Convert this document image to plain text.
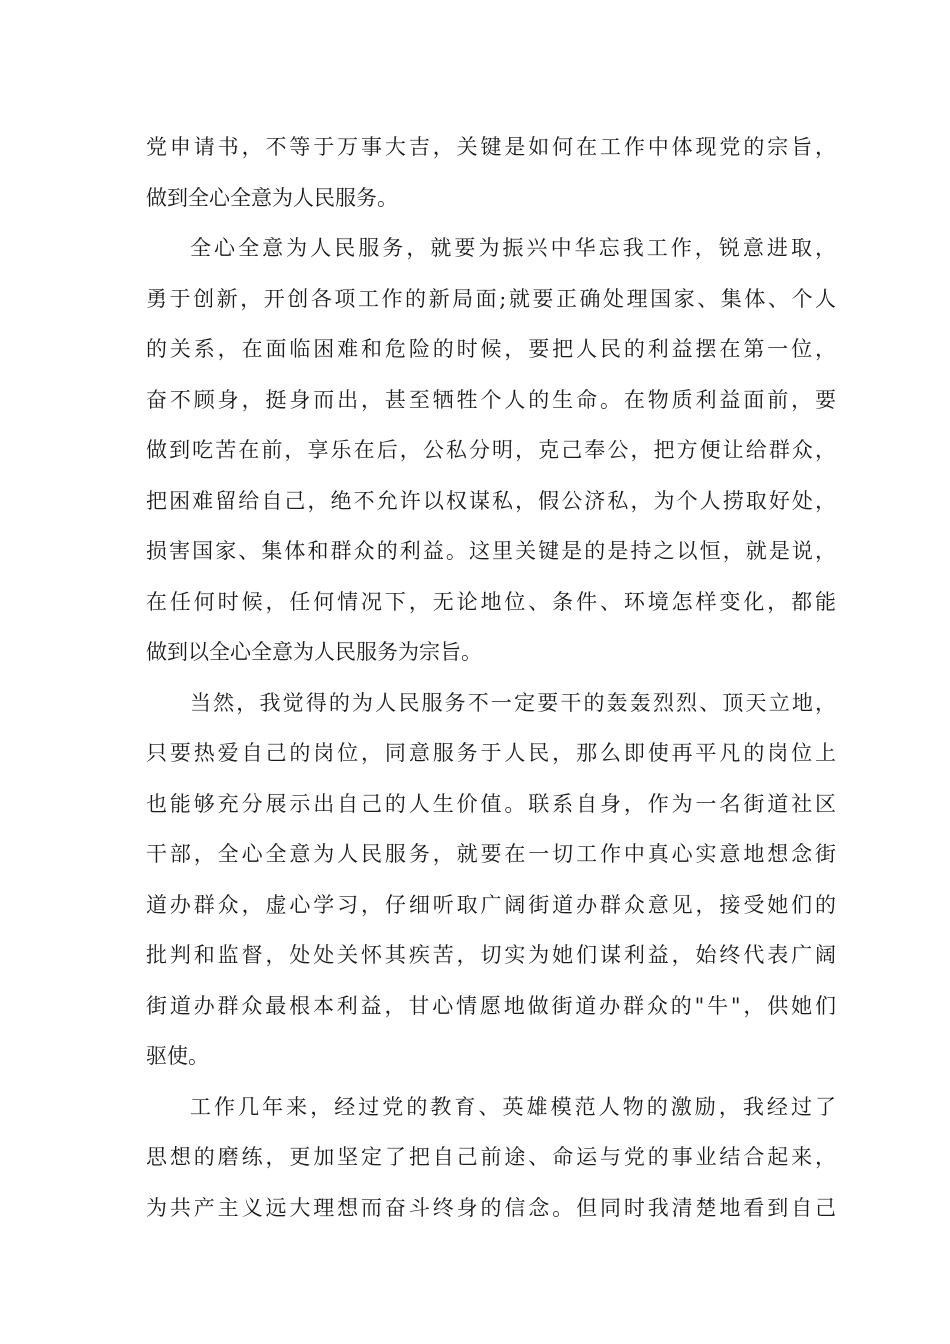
党申请书，不等于万事大吉，关键是如何在工作中体现党的宗旨，
做到全心全意为人民服务。
全心全意为人民服务，就要为振兴中华忘我工作，锐意进取，
勇于创新，开创各项工作的新局面;就要正确处理国家、集体、个人
的关系，在面临困难和危险的时候，要把人民的利益摆在第一位，
奋不顾身，挺身而出，甚至牺牲个人的生命。在物质利益面前，要
做到吃苦在前，享乐在后，公私分明，克己奉公，把方便让给群众，
把困难留给自己，绝不允许以权谋私，假公济私，为个人捞取好处，
损害国家、集体和群众的利益。这里关键是的是持之以恒，就是说，
在任何时候，任何情况下，无论地位、条件、环境怎样变化，都能
做到以全心全意为人民服务为宗旨。
当然，我觉得的为人民服务不一定要干的轰轰烈烈、顶天立地，
只要热爱自己的岗位，同意服务于人民，那么即使再平凡的岗位上
也能够充分展示出自己的人生价值。联系自身，作为一名街道社区
干部，全心全意为人民服务，就要在一切工作中真心实意地想念街
道办群众，虚心学习，仔细听取广阔街道办群众意见，接受她们的
批判和监督，处处关怀其疾苦，切实为她们谋利益，始终代表广阔
街道办群众最根本利益，甘心情愿地做街道办群众的"牛"，供她们
驱使。
工作几年来，经过党的教育、英雄模范人物的激励，我经过了
思想的磨练，更加坚定了把自己前途、命运与党的事业结合起来，
为共产主义远大理想而奋斗终身的信念。但同时我清楚地看到自己
